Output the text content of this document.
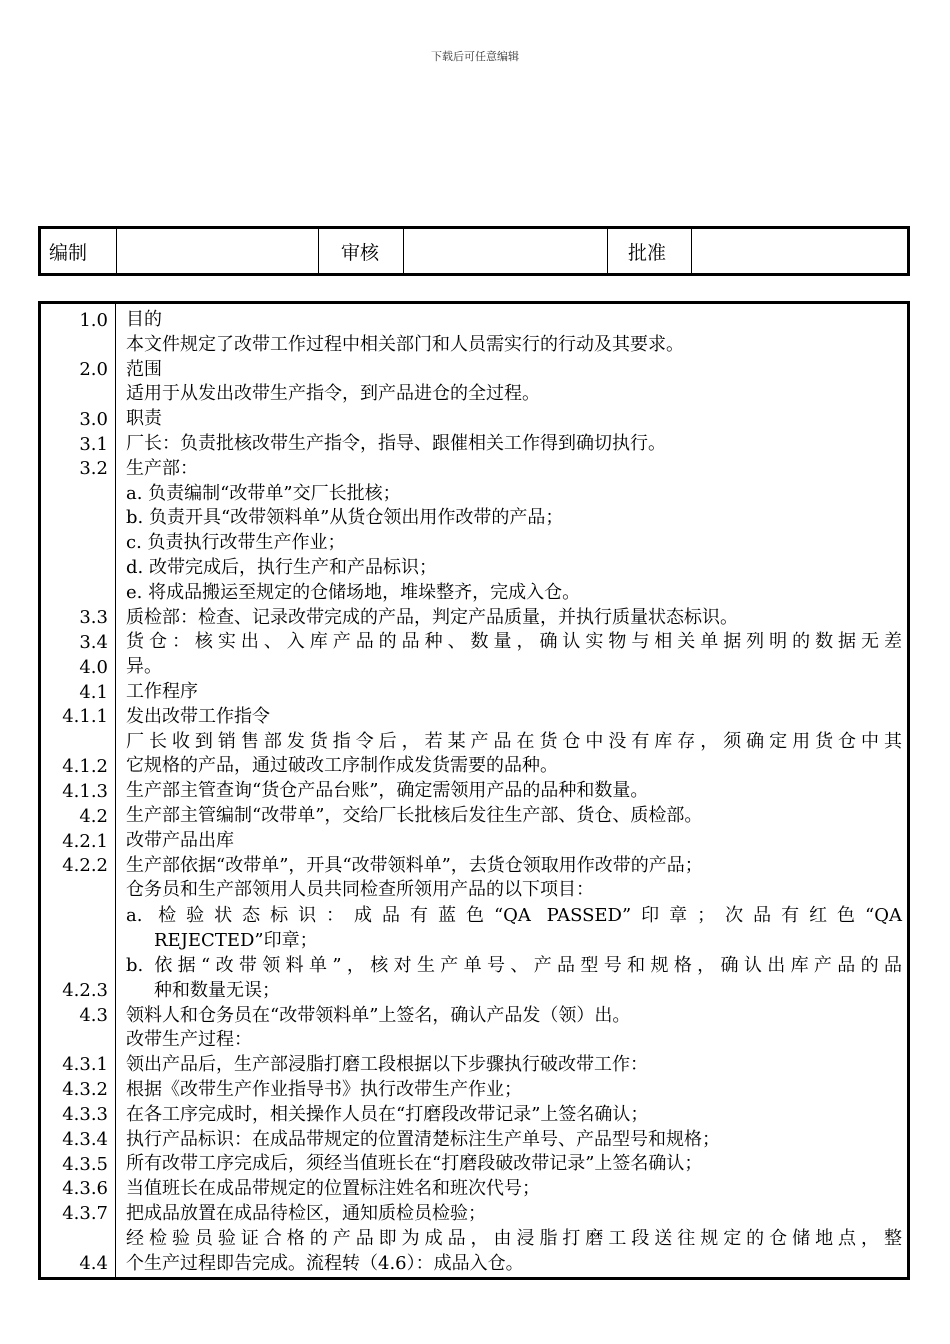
下载后可任意编辑
编制	审核	批准
1.0
2.0
3.0
3.1
3.2
3.3
3.4
4.0
4.1
4.1.1
4.1.2
4.1.3
4.2
4.2.1
4.2.2
4.2.3
4.3
4.3.1
4.3.2
4.3.3
4.3.4
4.3.5
4.3.6
4.3.7
4.4
目的
本文件规定了改带工作过程中相关部门和人员需实行的行动及其要求。
范围
适用于从发出改带生产指令，到产品进仓的全过程。
职责
厂长：负责批核改带生产指令，指导、跟催相关工作得到确切执行。
生产部：
a. 负责编制“改带单”交厂长批核；
b. 负责开具“改带领料单”从货仓领出用作改带的产品；
c. 负责执行改带生产作业；
d. 改带完成后，执行生产和产品标识；
e. 将成品搬运至规定的仓储场地，堆垛整齐，完成入仓。
质检部：检查、记录改带完成的产品，判定产品质量，并执行质量状态标识。
货仓：核实出、入库产品的品种、数量，确认实物与相关单据列明的数据无差
异。
工作程序
发出改带工作指令
厂长收到销售部发货指令后，若某产品在货仓中没有库存，须确定用货仓中其
它规格的产品，通过破改工序制作成发货需要的品种。
生产部主管查询“货仓产品台账”，确定需领用产品的品种和数量。
生产部主管编制“改带单”，交给厂长批核后发往生产部、货仓、质检部。
改带产品出库
生产部依据“改带单”，开具“改带领料单”，去货仓领取用作改带的产品；
仓务员和生产部领用人员共同检查所领用产品的以下项目：
a. 检验状态标识：成品有蓝色“QA PASSED”印章；次品有红色“QA
REJECTED”印章；
b. 依据“改带领料单”，核对生产单号、产品型号和规格，确认出库产品的品
种和数量无误；
领料人和仓务员在“改带领料单”上签名，确认产品发（领）出。
改带生产过程：
领出产品后，生产部浸脂打磨工段根据以下步骤执行破改带工作：
根据《改带生产作业指导书》执行改带生产作业；
在各工序完成时，相关操作人员在“打磨段改带记录”上签名确认；
执行产品标识：在成品带规定的位置清楚标注生产单号、产品型号和规格；
所有改带工序完成后，须经当值班长在“打磨段破改带记录”上签名确认；
当值班长在成品带规定的位置标注姓名和班次代号；
把成品放置在成品待检区，通知质检员检验；
经检验员验证合格的产品即为成品，由浸脂打磨工段送往规定的仓储地点，整
个生产过程即告完成。流程转（4.6）：成品入仓。
